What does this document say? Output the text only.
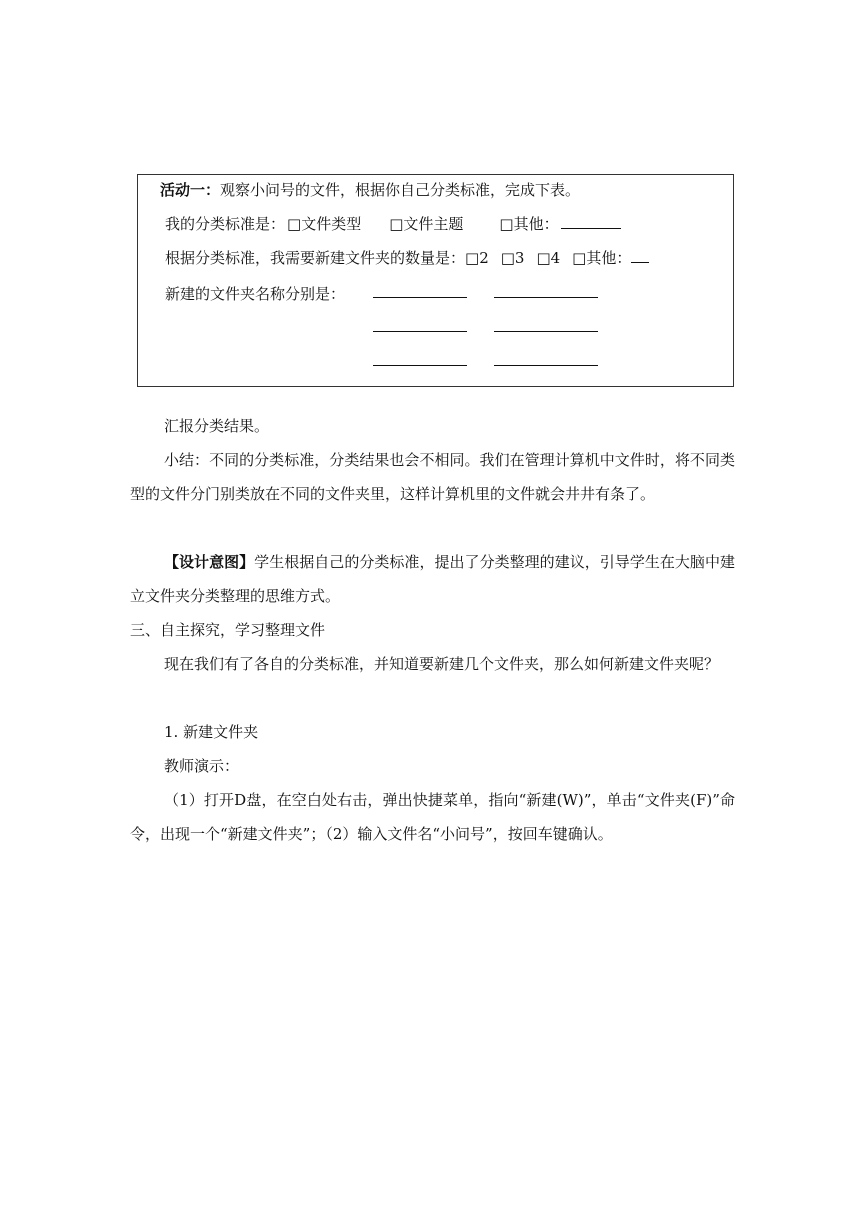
活动一：观察小问号的文件，根据你自己分类标准，完成下表。
我的分类标准是： □文件类型 □文件主题 □其他：
根据分类标准，我需要新建文件夹的数量是：□2 □3 □4 □其他：
新建的文件夹名称分别是：
汇报分类结果。
小结：不同的分类标准，分类结果也会不相同。我们在管理计算机中文件时，将不同类型的文件分门别类放在不同的文件夹里，这样计算机里的文件就会井井有条了。
【设计意图】学生根据自己的分类标准，提出了分类整理的建议，引导学生在大脑中建立文件夹分类整理的思维方式。
三、自主探究，学习整理文件
现在我们有了各自的分类标准，并知道要新建几个文件夹，那么如何新建文件夹呢？
1. 新建文件夹
教师演示：
（1）打开D盘，在空白处右击，弹出快捷菜单，指向“新建(W)”，单击“文件夹(F)”命令，出现一个“新建文件夹”；（2）输入文件名“小问号”，按回车键确认。
